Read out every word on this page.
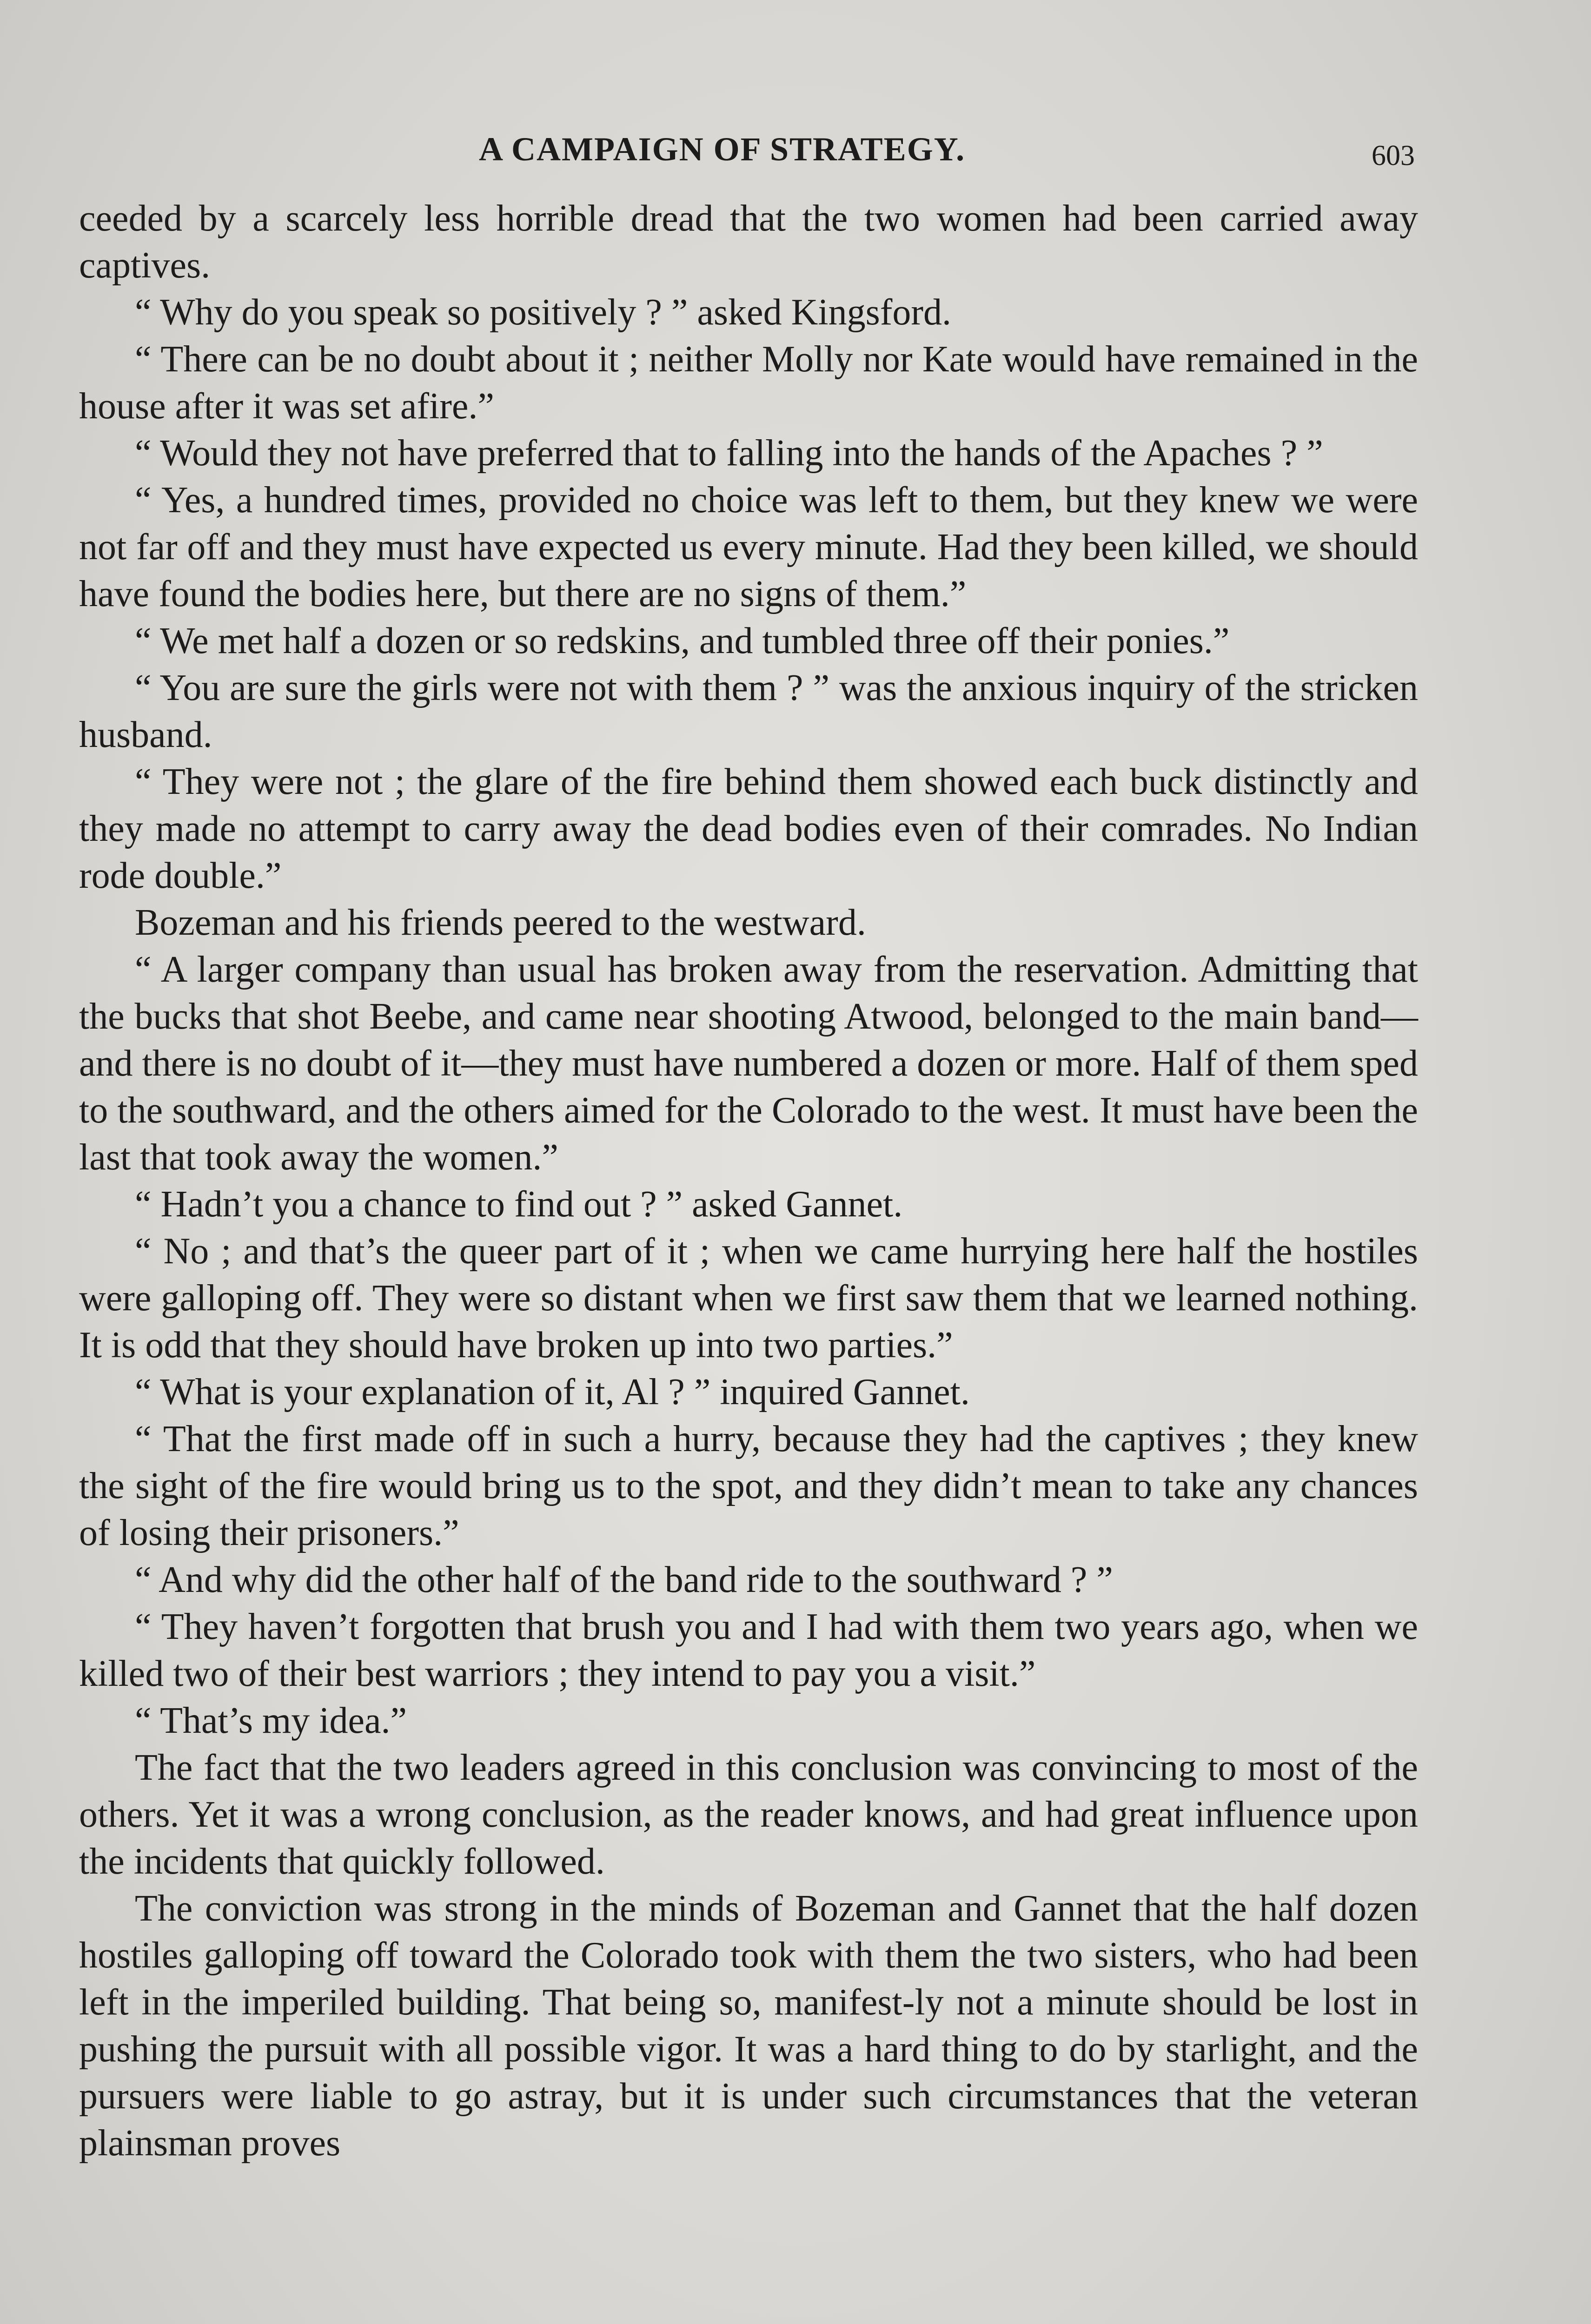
A CAMPAIGN OF STRATEGY.	603

ceeded by a scarcely less horrible dread that the two women had been carried away captives.

“ Why do you speak so positively ? ” asked Kingsford.

“ There can be no doubt about it ; neither Molly nor Kate would have remained in the house after it was set afire.”

“ Would they not have preferred that to falling into the hands of the Apaches ? ”

“ Yes, a hundred times, provided no choice was left to them, but they knew we were not far off and they must have expected us every minute. Had they been killed, we should have found the bodies here, but there are no signs of them.”

“ We met half a dozen or so redskins, and tumbled three off their ponies.”

“ You are sure the girls were not with them ? ” was the anxious inquiry of the stricken husband.

“ They were not ; the glare of the fire behind them showed each buck distinctly and they made no attempt to carry away the dead bodies even of their comrades. No Indian rode double.”

Bozeman and his friends peered to the westward.

“ A larger company than usual has broken away from the reservation. Admitting that the bucks that shot Beebe, and came near shooting Atwood, belonged to the main band—and there is no doubt of it—they must have numbered a dozen or more. Half of them sped to the southward, and the others aimed for the Colorado to the west. It must have been the last that took away the women.”

“ Hadn’t you a chance to find out ? ” asked Gannet.

“ No ; and that’s the queer part of it ; when we came hurrying here half the hostiles were galloping off. They were so distant when we first saw them that we learned nothing. It is odd that they should have broken up into two parties.”

“ What is your explanation of it, Al ? ” inquired Gannet.

“ That the first made off in such a hurry, because they had the captives ; they knew the sight of the fire would bring us to the spot, and they didn’t mean to take any chances of losing their prisoners.”

“ And why did the other half of the band ride to the southward ? ”

“ They haven’t forgotten that brush you and I had with them two years ago, when we killed two of their best warriors ; they intend to pay you a visit.”

“ That’s my idea.”

The fact that the two leaders agreed in this conclusion was convincing to most of the others. Yet it was a wrong conclusion, as the reader knows, and had great influence upon the incidents that quickly followed.

The conviction was strong in the minds of Bozeman and Gannet that the half dozen hostiles galloping off toward the Colorado took with them the two sisters, who had been left in the imperiled building. That being so, manifest-ly not a minute should be lost in pushing the pursuit with all possible vigor. It was a hard thing to do by starlight, and the pursuers were liable to go astray, but it is under such circumstances that the veteran plainsman proves
